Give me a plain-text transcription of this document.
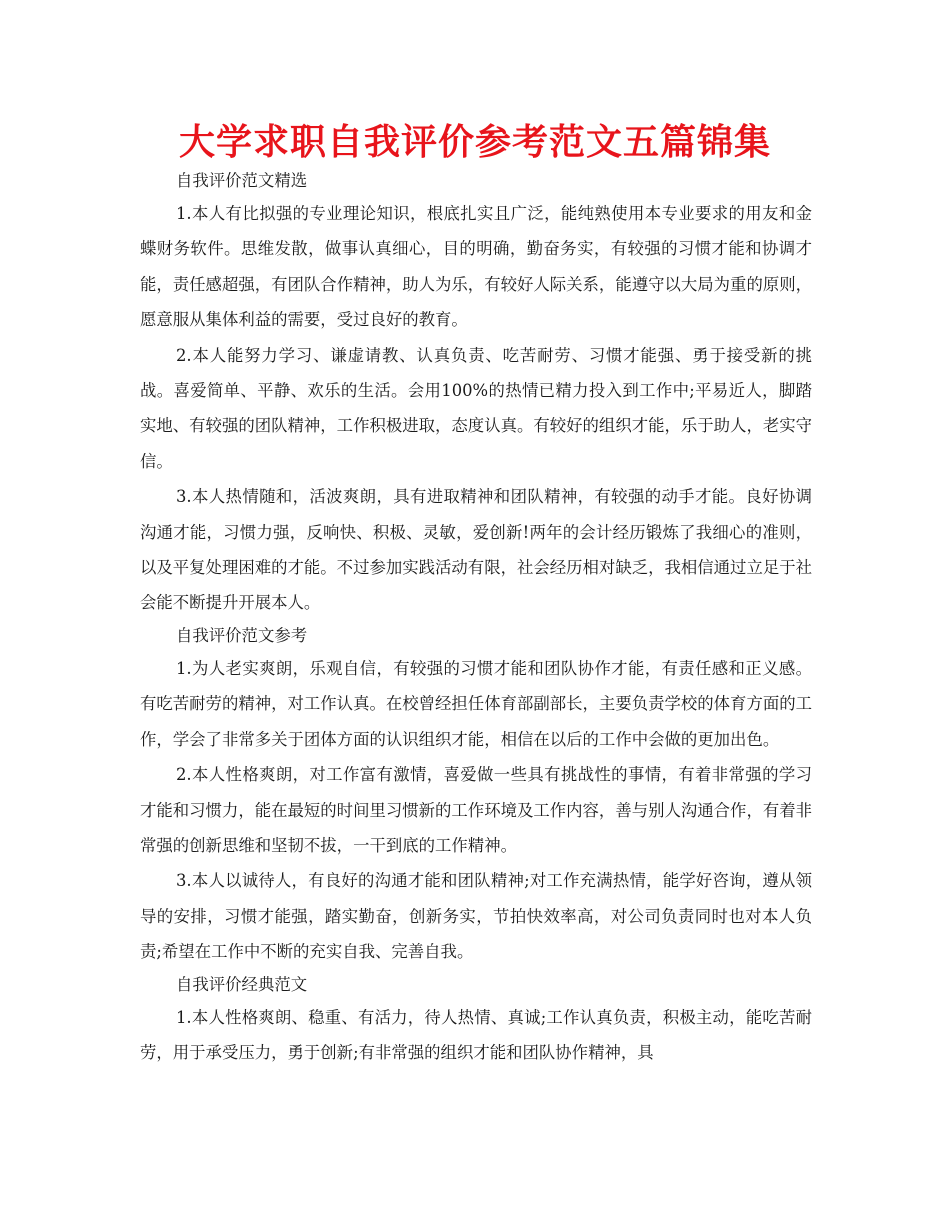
大学求职自我评价参考范文五篇锦集
自我评价范文精选

1.本人有比拟强的专业理论知识，根底扎实且广泛，能纯熟使用本专业要求的用友和金蝶财务软件。思维发散，做事认真细心，目的明确，勤奋务实，有较强的习惯才能和协调才能，责任感超强，有团队合作精神，助人为乐，有较好人际关系，能遵守以大局为重的原则，愿意服从集体利益的需要，受过良好的教育。

2.本人能努力学习、谦虚请教、认真负责、吃苦耐劳、习惯才能强、勇于接受新的挑战。喜爱简单、平静、欢乐的生活。会用100%的热情已精力投入到工作中;平易近人，脚踏实地、有较强的团队精神，工作积极进取，态度认真。有较好的组织才能，乐于助人，老实守信。

3.本人热情随和，活波爽朗，具有进取精神和团队精神，有较强的动手才能。良好协调沟通才能，习惯力强，反响快、积极、灵敏，爱创新!两年的会计经历锻炼了我细心的准则，以及平复处理困难的才能。不过参加实践活动有限，社会经历相对缺乏，我相信通过立足于社会能不断提升开展本人。

自我评价范文参考

1.为人老实爽朗，乐观自信，有较强的习惯才能和团队协作才能，有责任感和正义感。有吃苦耐劳的精神，对工作认真。在校曾经担任体育部副部长，主要负责学校的体育方面的工作，学会了非常多关于团体方面的认识组织才能，相信在以后的工作中会做的更加出色。

2.本人性格爽朗，对工作富有激情，喜爱做一些具有挑战性的事情，有着非常强的学习才能和习惯力，能在最短的时间里习惯新的工作环境及工作内容，善与别人沟通合作，有着非常强的创新思维和坚韧不拔，一干到底的工作精神。

3.本人以诚待人，有良好的沟通才能和团队精神;对工作充满热情，能学好咨询，遵从领导的安排，习惯才能强，踏实勤奋，创新务实，节拍快效率高，对公司负责同时也对本人负责;希望在工作中不断的充实自我、完善自我。

自我评价经典范文

1.本人性格爽朗、稳重、有活力，待人热情、真诚;工作认真负责，积极主动，能吃苦耐劳，用于承受压力，勇于创新;有非常强的组织才能和团队协作精神，具
